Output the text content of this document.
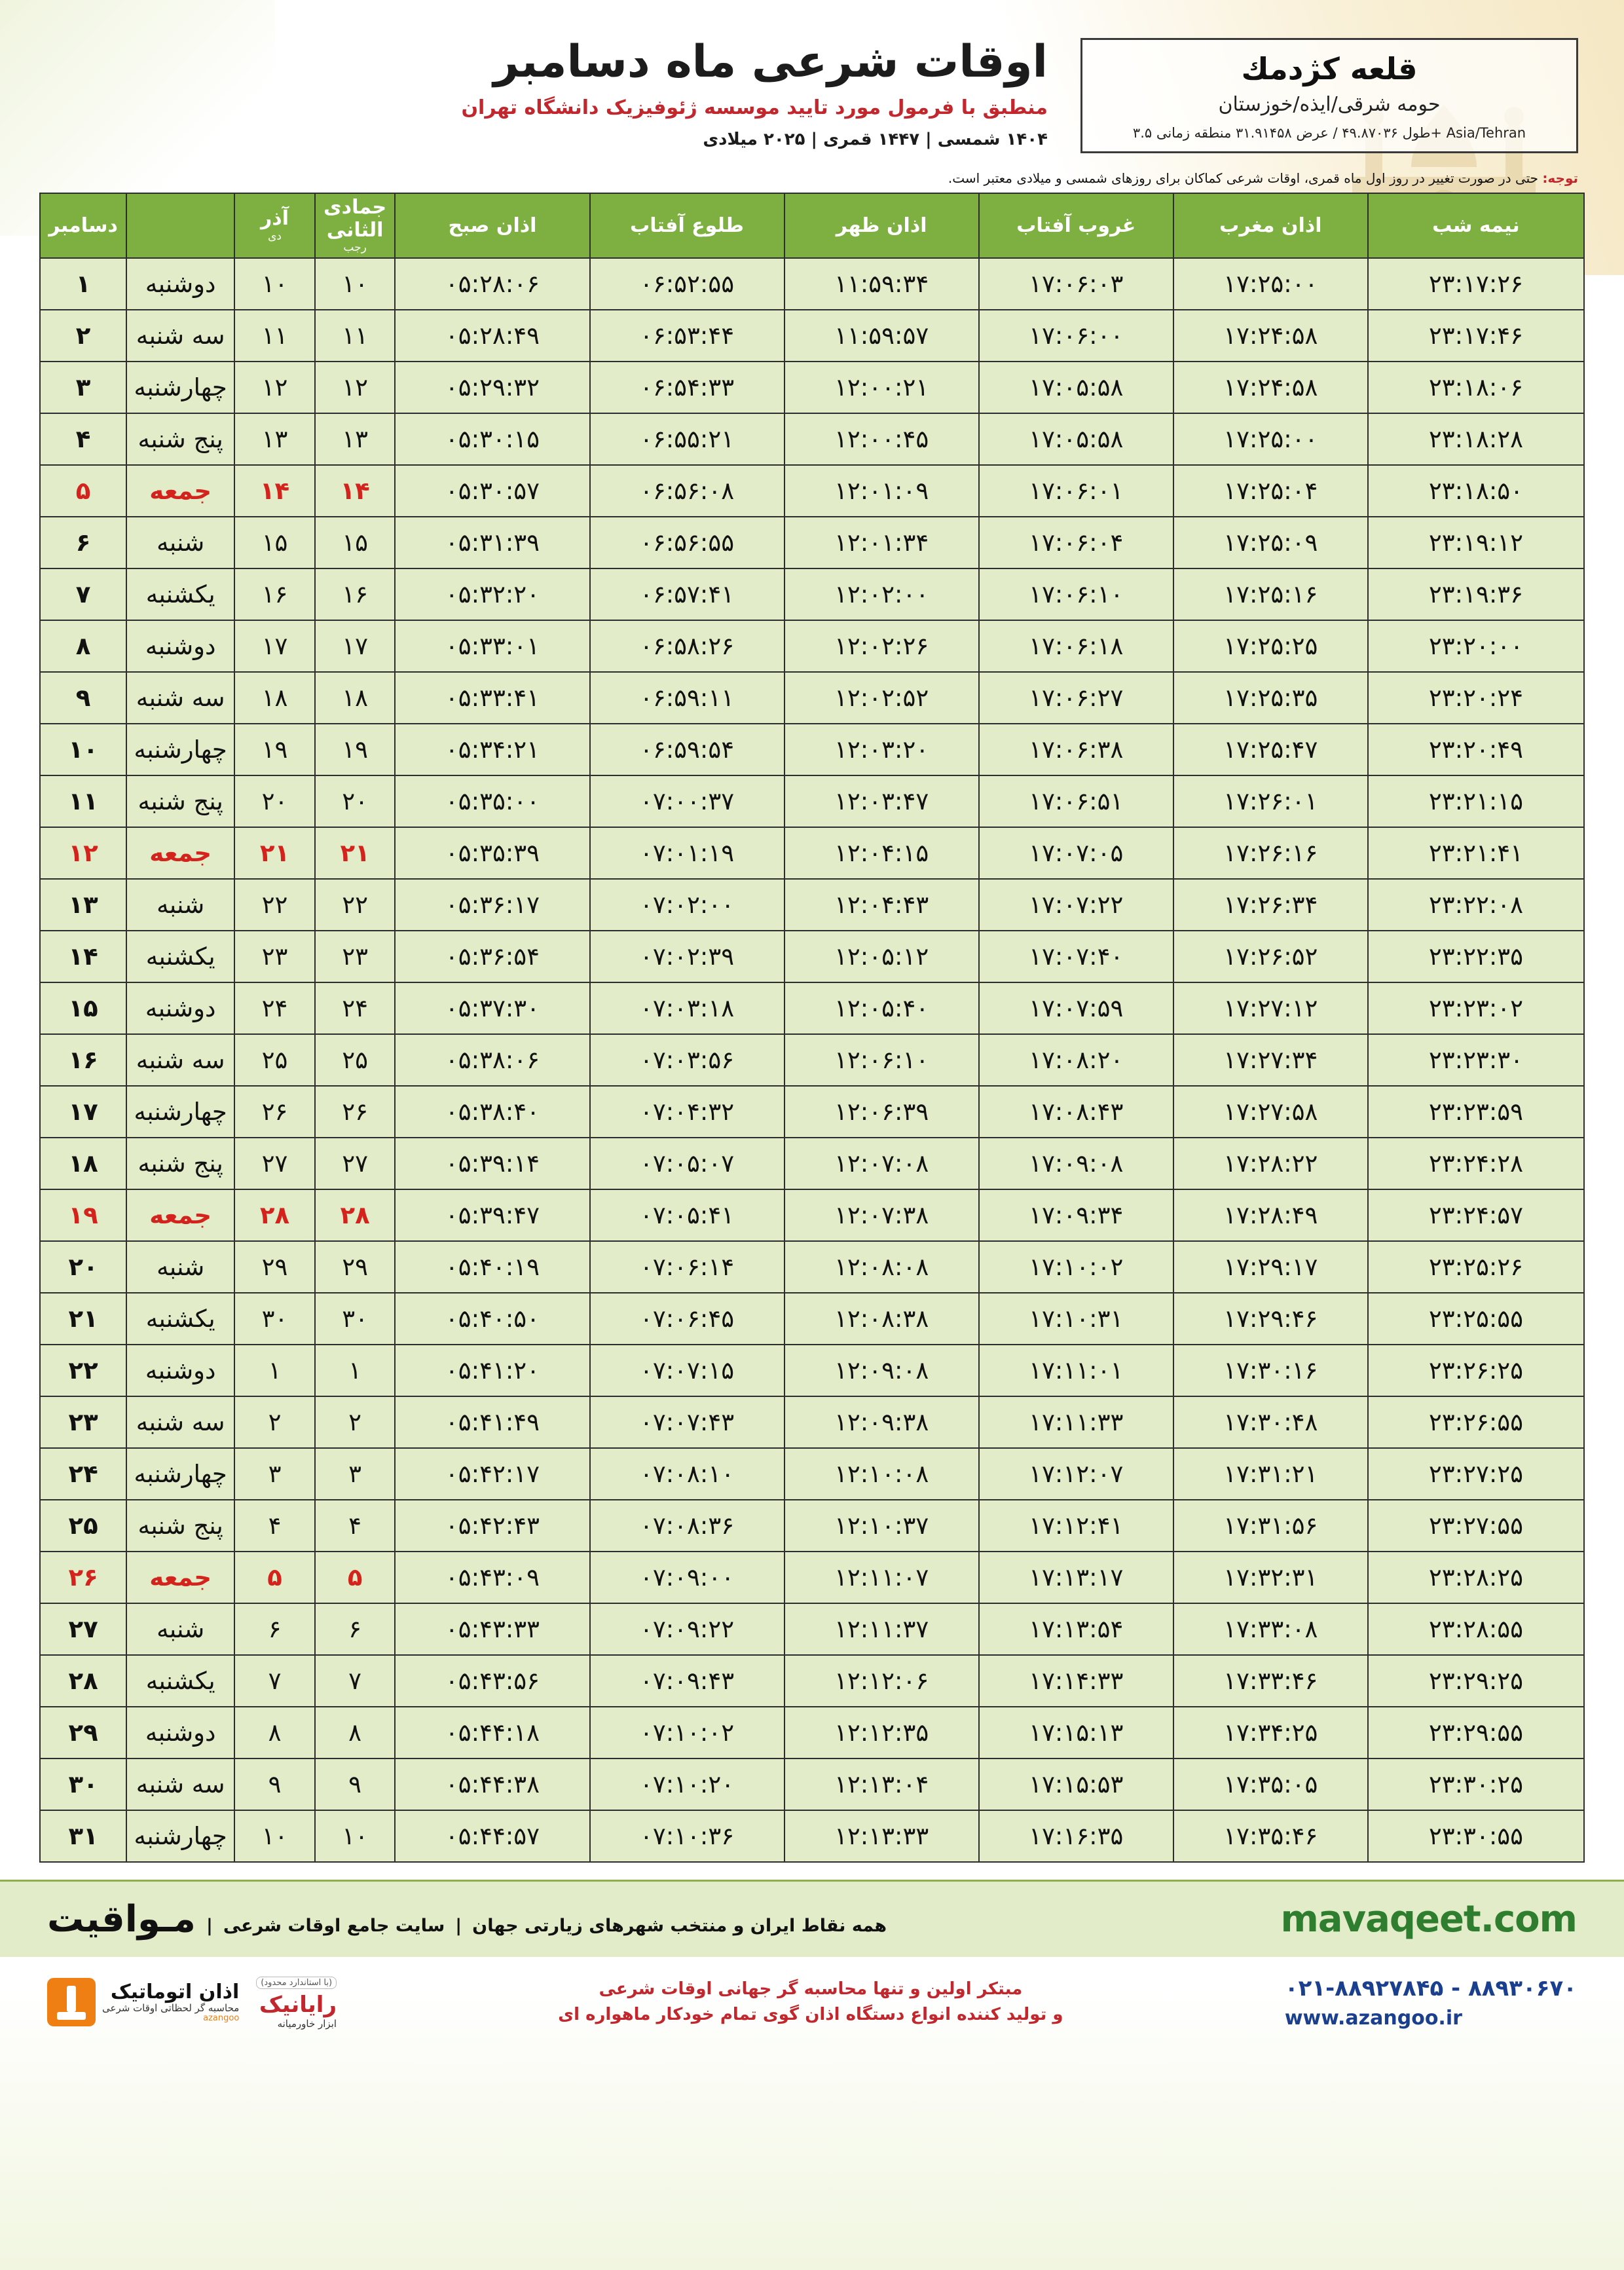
قلعه كژدمك
حومه شرقی/ایذه/خوزستان
طول ۴۹.۸۷۰۳۶ / عرض ۳۱.۹۱۴۵۸ منطقه زمانی ۳.۵+ Asia/Tehran
اوقات شرعی ماه دسامبر
منطبق با فرمول مورد تایید موسسه ژئوفیزیک دانشگاه تهران
۱۴۰۴ شمسی | ۱۴۴۷ قمری | ۲۰۲۵ میلادی
توجه: حتی در صورت تغییر در روز اول ماه قمری، اوقات شرعی کماکان برای روزهای شمسی و میلادی معتبر است.
نیمه شب	اذان مغرب	غروب آفتاب	اذان ظهر	طلوع آفتاب	اذان صبح	جمادی الثانی
رجب	آذر
دی		دسامبر
۲۳:۱۷:۲۶	۱۷:۲۵:۰۰	۱۷:۰۶:۰۳	۱۱:۵۹:۳۴	۰۶:۵۲:۵۵	۰۵:۲۸:۰۶	۱۰	۱۰	دوشنبه	۱
۲۳:۱۷:۴۶	۱۷:۲۴:۵۸	۱۷:۰۶:۰۰	۱۱:۵۹:۵۷	۰۶:۵۳:۴۴	۰۵:۲۸:۴۹	۱۱	۱۱	سه شنبه	۲
۲۳:۱۸:۰۶	۱۷:۲۴:۵۸	۱۷:۰۵:۵۸	۱۲:۰۰:۲۱	۰۶:۵۴:۳۳	۰۵:۲۹:۳۲	۱۲	۱۲	چهارشنبه	۳
۲۳:۱۸:۲۸	۱۷:۲۵:۰۰	۱۷:۰۵:۵۸	۱۲:۰۰:۴۵	۰۶:۵۵:۲۱	۰۵:۳۰:۱۵	۱۳	۱۳	پنج شنبه	۴
۲۳:۱۸:۵۰	۱۷:۲۵:۰۴	۱۷:۰۶:۰۱	۱۲:۰۱:۰۹	۰۶:۵۶:۰۸	۰۵:۳۰:۵۷	۱۴	۱۴	جمعه	۵
۲۳:۱۹:۱۲	۱۷:۲۵:۰۹	۱۷:۰۶:۰۴	۱۲:۰۱:۳۴	۰۶:۵۶:۵۵	۰۵:۳۱:۳۹	۱۵	۱۵	شنبه	۶
۲۳:۱۹:۳۶	۱۷:۲۵:۱۶	۱۷:۰۶:۱۰	۱۲:۰۲:۰۰	۰۶:۵۷:۴۱	۰۵:۳۲:۲۰	۱۶	۱۶	یکشنبه	۷
۲۳:۲۰:۰۰	۱۷:۲۵:۲۵	۱۷:۰۶:۱۸	۱۲:۰۲:۲۶	۰۶:۵۸:۲۶	۰۵:۳۳:۰۱	۱۷	۱۷	دوشنبه	۸
۲۳:۲۰:۲۴	۱۷:۲۵:۳۵	۱۷:۰۶:۲۷	۱۲:۰۲:۵۲	۰۶:۵۹:۱۱	۰۵:۳۳:۴۱	۱۸	۱۸	سه شنبه	۹
۲۳:۲۰:۴۹	۱۷:۲۵:۴۷	۱۷:۰۶:۳۸	۱۲:۰۳:۲۰	۰۶:۵۹:۵۴	۰۵:۳۴:۲۱	۱۹	۱۹	چهارشنبه	۱۰
۲۳:۲۱:۱۵	۱۷:۲۶:۰۱	۱۷:۰۶:۵۱	۱۲:۰۳:۴۷	۰۷:۰۰:۳۷	۰۵:۳۵:۰۰	۲۰	۲۰	پنج شنبه	۱۱
۲۳:۲۱:۴۱	۱۷:۲۶:۱۶	۱۷:۰۷:۰۵	۱۲:۰۴:۱۵	۰۷:۰۱:۱۹	۰۵:۳۵:۳۹	۲۱	۲۱	جمعه	۱۲
۲۳:۲۲:۰۸	۱۷:۲۶:۳۴	۱۷:۰۷:۲۲	۱۲:۰۴:۴۳	۰۷:۰۲:۰۰	۰۵:۳۶:۱۷	۲۲	۲۲	شنبه	۱۳
۲۳:۲۲:۳۵	۱۷:۲۶:۵۲	۱۷:۰۷:۴۰	۱۲:۰۵:۱۲	۰۷:۰۲:۳۹	۰۵:۳۶:۵۴	۲۳	۲۳	یکشنبه	۱۴
۲۳:۲۳:۰۲	۱۷:۲۷:۱۲	۱۷:۰۷:۵۹	۱۲:۰۵:۴۰	۰۷:۰۳:۱۸	۰۵:۳۷:۳۰	۲۴	۲۴	دوشنبه	۱۵
۲۳:۲۳:۳۰	۱۷:۲۷:۳۴	۱۷:۰۸:۲۰	۱۲:۰۶:۱۰	۰۷:۰۳:۵۶	۰۵:۳۸:۰۶	۲۵	۲۵	سه شنبه	۱۶
۲۳:۲۳:۵۹	۱۷:۲۷:۵۸	۱۷:۰۸:۴۳	۱۲:۰۶:۳۹	۰۷:۰۴:۳۲	۰۵:۳۸:۴۰	۲۶	۲۶	چهارشنبه	۱۷
۲۳:۲۴:۲۸	۱۷:۲۸:۲۲	۱۷:۰۹:۰۸	۱۲:۰۷:۰۸	۰۷:۰۵:۰۷	۰۵:۳۹:۱۴	۲۷	۲۷	پنج شنبه	۱۸
۲۳:۲۴:۵۷	۱۷:۲۸:۴۹	۱۷:۰۹:۳۴	۱۲:۰۷:۳۸	۰۷:۰۵:۴۱	۰۵:۳۹:۴۷	۲۸	۲۸	جمعه	۱۹
۲۳:۲۵:۲۶	۱۷:۲۹:۱۷	۱۷:۱۰:۰۲	۱۲:۰۸:۰۸	۰۷:۰۶:۱۴	۰۵:۴۰:۱۹	۲۹	۲۹	شنبه	۲۰
۲۳:۲۵:۵۵	۱۷:۲۹:۴۶	۱۷:۱۰:۳۱	۱۲:۰۸:۳۸	۰۷:۰۶:۴۵	۰۵:۴۰:۵۰	۳۰	۳۰	یکشنبه	۲۱
۲۳:۲۶:۲۵	۱۷:۳۰:۱۶	۱۷:۱۱:۰۱	۱۲:۰۹:۰۸	۰۷:۰۷:۱۵	۰۵:۴۱:۲۰	۱	۱	دوشنبه	۲۲
۲۳:۲۶:۵۵	۱۷:۳۰:۴۸	۱۷:۱۱:۳۳	۱۲:۰۹:۳۸	۰۷:۰۷:۴۳	۰۵:۴۱:۴۹	۲	۲	سه شنبه	۲۳
۲۳:۲۷:۲۵	۱۷:۳۱:۲۱	۱۷:۱۲:۰۷	۱۲:۱۰:۰۸	۰۷:۰۸:۱۰	۰۵:۴۲:۱۷	۳	۳	چهارشنبه	۲۴
۲۳:۲۷:۵۵	۱۷:۳۱:۵۶	۱۷:۱۲:۴۱	۱۲:۱۰:۳۷	۰۷:۰۸:۳۶	۰۵:۴۲:۴۳	۴	۴	پنج شنبه	۲۵
۲۳:۲۸:۲۵	۱۷:۳۲:۳۱	۱۷:۱۳:۱۷	۱۲:۱۱:۰۷	۰۷:۰۹:۰۰	۰۵:۴۳:۰۹	۵	۵	جمعه	۲۶
۲۳:۲۸:۵۵	۱۷:۳۳:۰۸	۱۷:۱۳:۵۴	۱۲:۱۱:۳۷	۰۷:۰۹:۲۲	۰۵:۴۳:۳۳	۶	۶	شنبه	۲۷
۲۳:۲۹:۲۵	۱۷:۳۳:۴۶	۱۷:۱۴:۳۳	۱۲:۱۲:۰۶	۰۷:۰۹:۴۳	۰۵:۴۳:۵۶	۷	۷	یکشنبه	۲۸
۲۳:۲۹:۵۵	۱۷:۳۴:۲۵	۱۷:۱۵:۱۳	۱۲:۱۲:۳۵	۰۷:۱۰:۰۲	۰۵:۴۴:۱۸	۸	۸	دوشنبه	۲۹
۲۳:۳۰:۲۵	۱۷:۳۵:۰۵	۱۷:۱۵:۵۳	۱۲:۱۳:۰۴	۰۷:۱۰:۲۰	۰۵:۴۴:۳۸	۹	۹	سه شنبه	۳۰
۲۳:۳۰:۵۵	۱۷:۳۵:۴۶	۱۷:۱۶:۳۵	۱۲:۱۳:۳۳	۰۷:۱۰:۳۶	۰۵:۴۴:۵۷	۱۰	۱۰	چهارشنبه	۳۱
mavaqeet.com
همه نقاط ایران و منتخب شهرهای زیارتی جهان
|
سایت جامع اوقات شرعی
|
مـواقیت
۰۲۱-۸۸۹۲۷۸۴۵ - ۸۸۹۳۰۶۷۰
www.azangoo.ir
مبتکر اولین و تنها محاسبه گر جهانی اوقات شرعی
و تولید کننده انواع دستگاه اذان گوی تمام خودکار ماهواره ای
(با استاندارد محدود)
رایانیک
ابزار خاورمیانه
اذان اتوماتیک
محاسبه گر لحظاتی اوقات شرعی
azangoo
